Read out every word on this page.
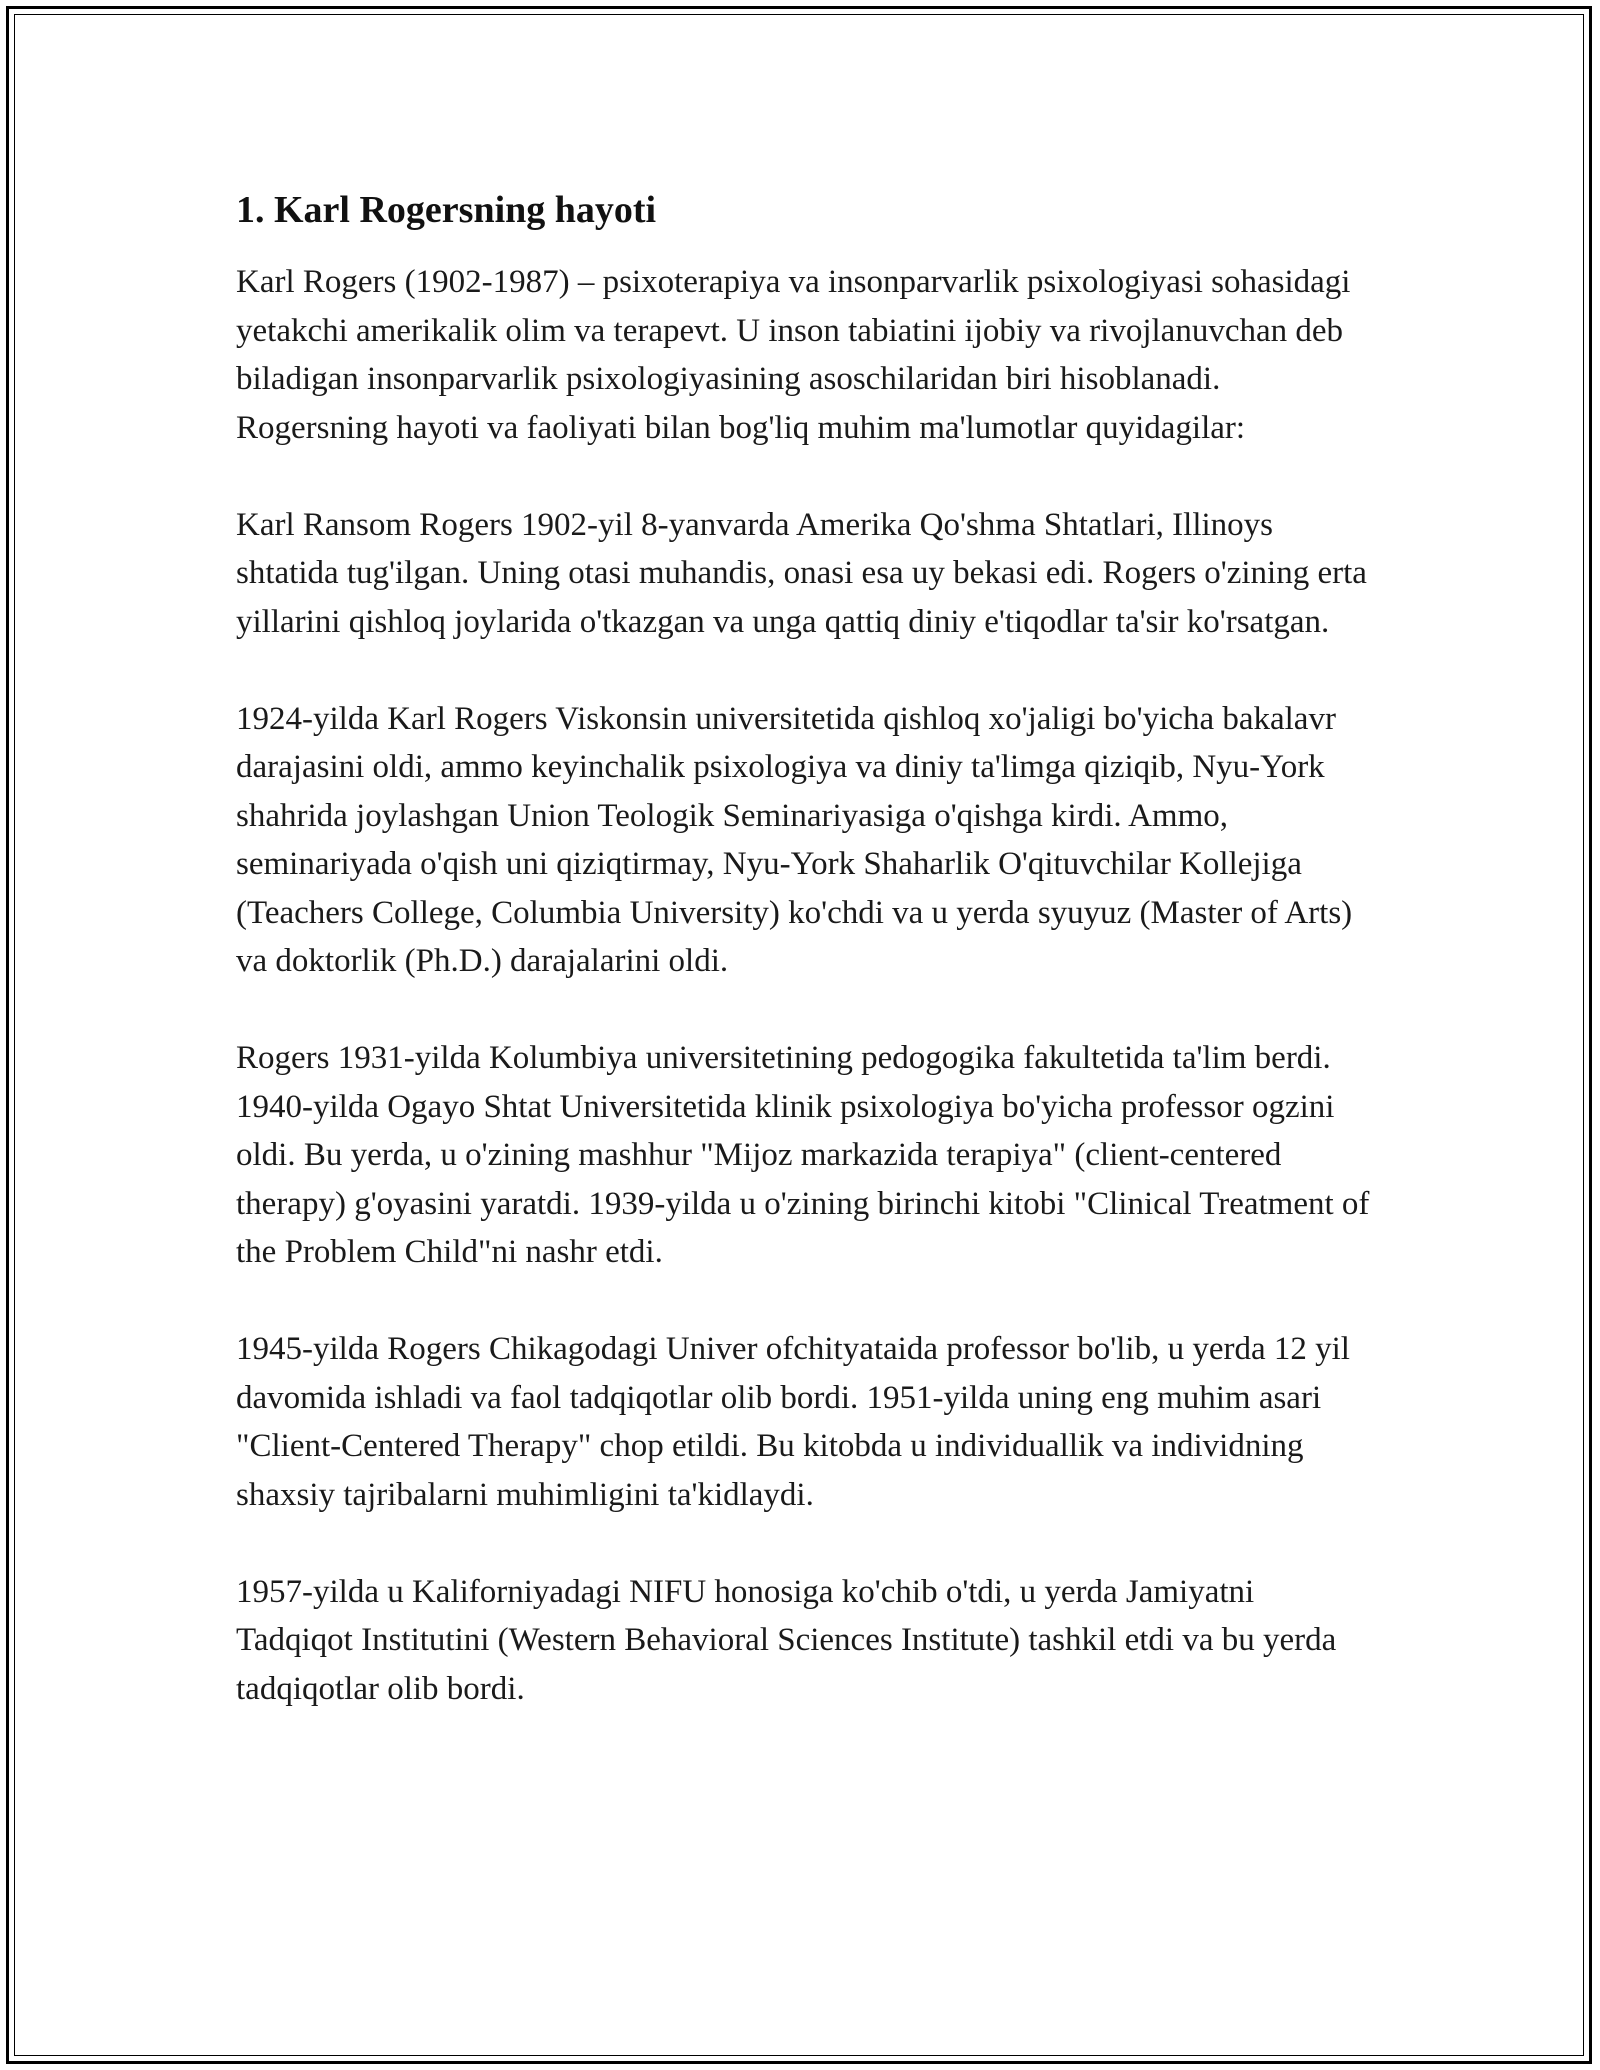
1. Karl Rogersning hayoti

Karl Rogers (1902-1987) – psixoterapiya va insonparvarlik psixologiyasi sohasidagi yetakchi amerikalik olim va terapevt. U inson tabiatini ijobiy va rivojlanuvchan deb biladigan insonparvarlik psixologiyasining asoschilaridan biri hisoblanadi. Rogersning hayoti va faoliyati bilan bog'liq muhim ma'lumotlar quyidagilar:

Karl Ransom Rogers 1902-yil 8-yanvarda Amerika Qo'shma Shtatlari, Illinoys shtatida tug'ilgan. Uning otasi muhandis, onasi esa uy bekasi edi. Rogers o'zining erta yillarini qishloq joylarida o'tkazgan va unga qattiq diniy e'tiqodlar ta'sir ko'rsatgan.

1924-yilda Karl Rogers Viskonsin universitetida qishloq xo'jaligi bo'yicha bakalavr darajasini oldi, ammo keyinchalik psixologiya va diniy ta'limga qiziqib, Nyu-York shahrida joylashgan Union Teologik Seminariyasiga o'qishga kirdi. Ammo, seminariyada o'qish uni qiziqtirmay, Nyu-York Shaharlik O'qituvchilar Kollejiga (Teachers College, Columbia University) ko'chdi va u yerda syuyuz (Master of Arts) va doktorlik (Ph.D.) darajalarini oldi.

Rogers 1931-yilda Kolumbiya universitetining pedogogika fakultetida ta'lim berdi. 1940-yilda Ogayo Shtat Universitetida klinik psixologiya bo'yicha professor ogzini oldi. Bu yerda, u o'zining mashhur "Mijoz markazida terapiya" (client-centered therapy) g'oyasini yaratdi. 1939-yilda u o'zining birinchi kitobi "Clinical Treatment of the Problem Child"ni nashr etdi.

1945-yilda Rogers Chikagodagi Univer ofchityataida professor bo'lib, u yerda 12 yil davomida ishladi va faol tadqiqotlar olib bordi. 1951-yilda uning eng muhim asari "Client-Centered Therapy" chop etildi. Bu kitobda u individuallik va individning shaxsiy tajribalarni muhimligini ta'kidlaydi.

1957-yilda u Kaliforniyadagi NIFU honosiga ko'chib o'tdi, u yerda Jamiyatni Tadqiqot Institutini (Western Behavioral Sciences Institute) tashkil etdi va bu yerda tadqiqotlar olib bordi.
